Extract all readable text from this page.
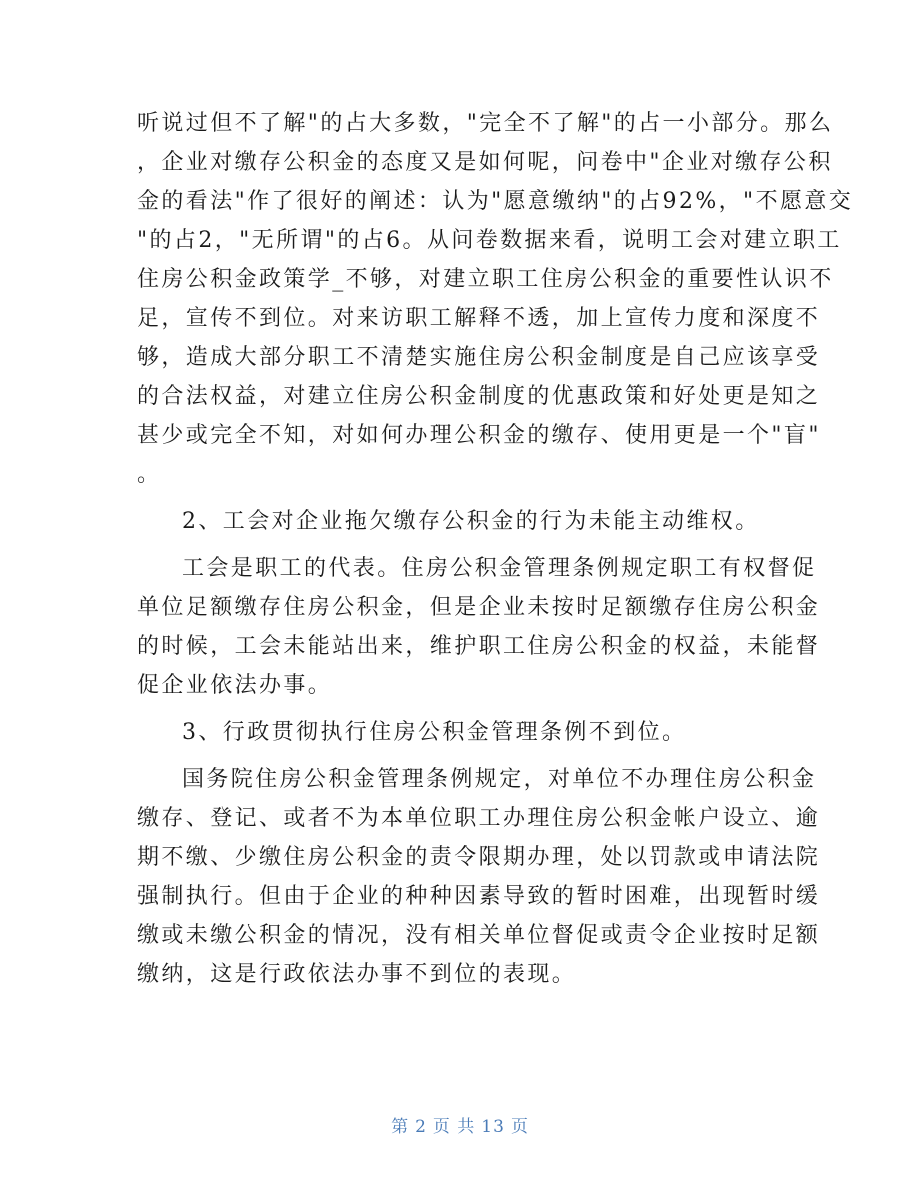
听说过但不了解"的占大多数，"完全不了解"的占一小部分。那么
，企业对缴存公积金的态度又是如何呢，问卷中"企业对缴存公积
金的看法"作了很好的阐述：认为"愿意缴纳"的占92%，"不愿意交
"的占2，"无所谓"的占6。从问卷数据来看，说明工会对建立职工
住房公积金政策学_不够，对建立职工住房公积金的重要性认识不
足，宣传不到位。对来访职工解释不透，加上宣传力度和深度不
够，造成大部分职工不清楚实施住房公积金制度是自己应该享受
的合法权益，对建立住房公积金制度的优惠政策和好处更是知之
甚少或完全不知，对如何办理公积金的缴存、使用更是一个"盲"
。
2、工会对企业拖欠缴存公积金的行为未能主动维权。
工会是职工的代表。住房公积金管理条例规定职工有权督促
单位足额缴存住房公积金，但是企业未按时足额缴存住房公积金
的时候，工会未能站出来，维护职工住房公积金的权益，未能督
促企业依法办事。
3、行政贯彻执行住房公积金管理条例不到位。
国务院住房公积金管理条例规定，对单位不办理住房公积金
缴存、登记、或者不为本单位职工办理住房公积金帐户设立、逾
期不缴、少缴住房公积金的责令限期办理，处以罚款或申请法院
强制执行。但由于企业的种种因素导致的暂时困难，出现暂时缓
缴或未缴公积金的情况，没有相关单位督促或责令企业按时足额
缴纳，这是行政依法办事不到位的表现。
第 2 页 共 13 页
